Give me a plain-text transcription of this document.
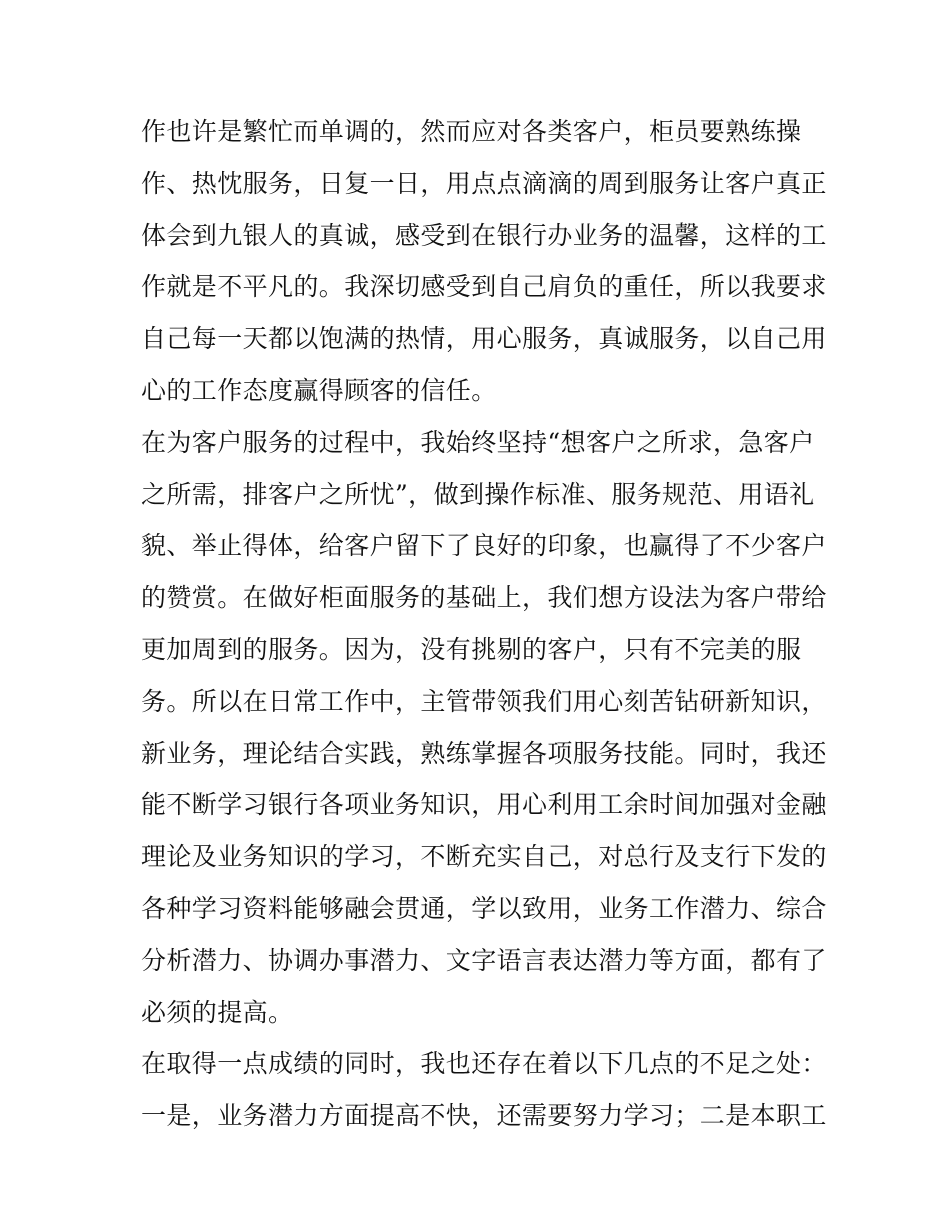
作也许是繁忙而单调的，然而应对各类客户，柜员要熟练操
作、热忱服务，日复一日，用点点滴滴的周到服务让客户真正
体会到九银人的真诚，感受到在银行办业务的温馨，这样的工
作就是不平凡的。我深切感受到自己肩负的重任，所以我要求
自己每一天都以饱满的热情，用心服务，真诚服务，以自己用
心的工作态度赢得顾客的信任。
在为客户服务的过程中，我始终坚持“想客户之所求，急客户
之所需，排客户之所忧”，做到操作标准、服务规范、用语礼
貌、举止得体，给客户留下了良好的印象，也赢得了不少客户
的赞赏。在做好柜面服务的基础上，我们想方设法为客户带给
更加周到的服务。因为，没有挑剔的客户，只有不完美的服
务。所以在日常工作中，主管带领我们用心刻苦钻研新知识，
新业务，理论结合实践，熟练掌握各项服务技能。同时，我还
能不断学习银行各项业务知识，用心利用工余时间加强对金融
理论及业务知识的学习，不断充实自己，对总行及支行下发的
各种学习资料能够融会贯通，学以致用，业务工作潜力、综合
分析潜力、协调办事潜力、文字语言表达潜力等方面，都有了
必须的提高。
在取得一点成绩的同时，我也还存在着以下几点的不足之处：
一是，业务潜力方面提高不快，还需要努力学习；二是本职工
